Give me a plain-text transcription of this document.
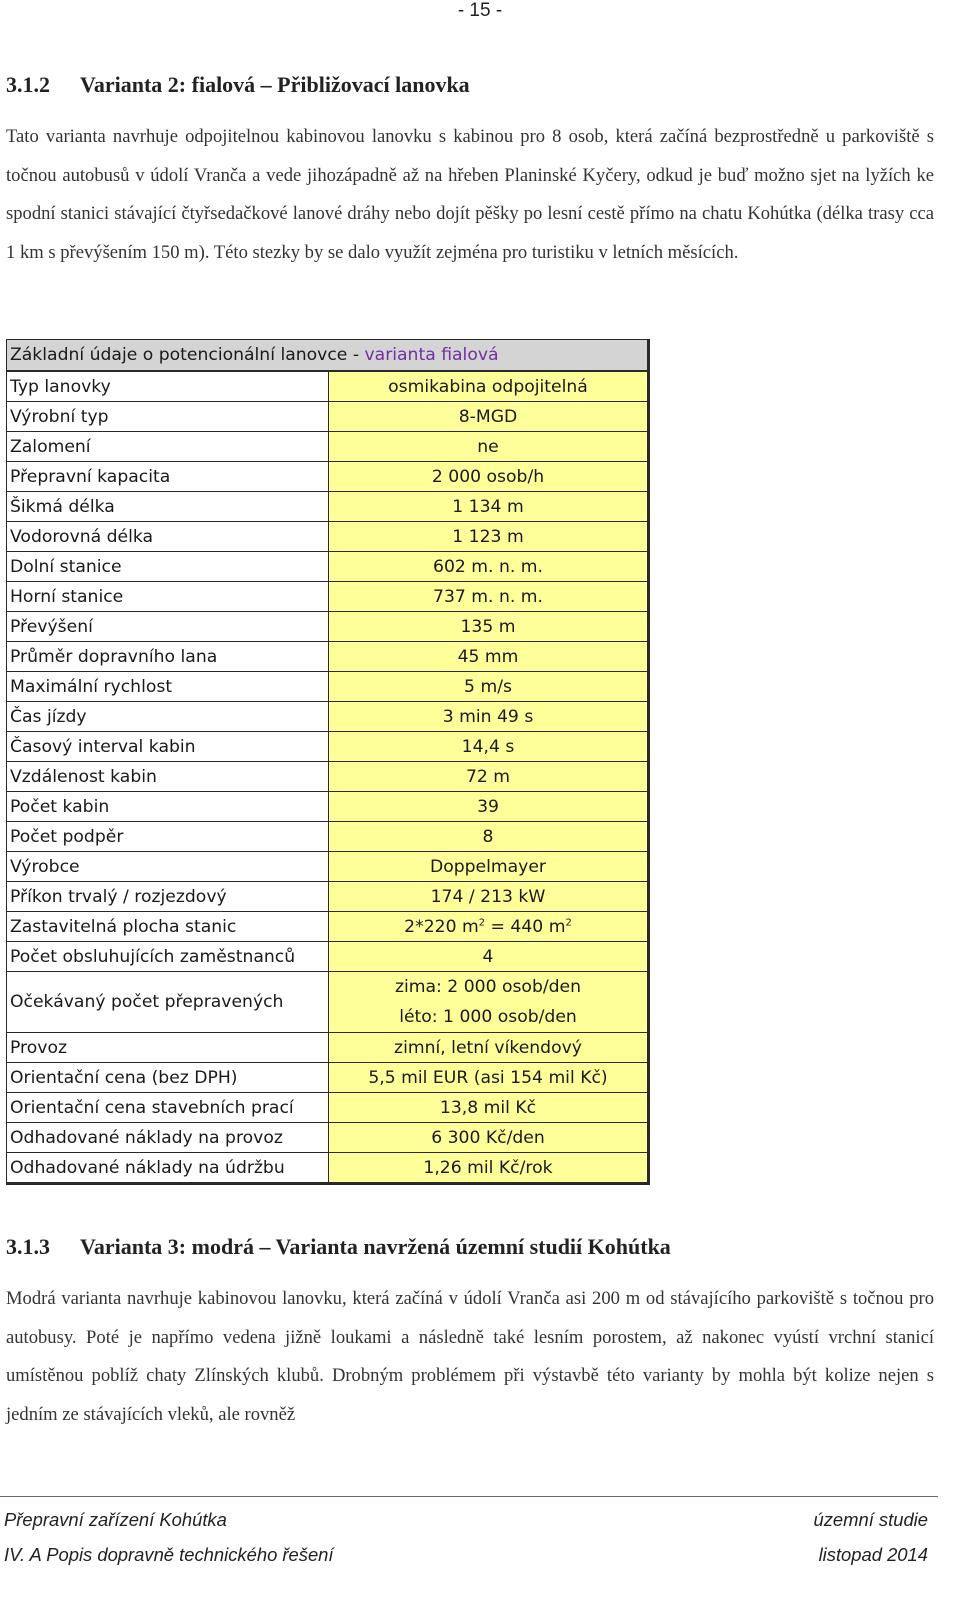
- 15 -
3.1.2 Varianta 2: fialová – Přibližovací lanovka
Tato varianta navrhuje odpojitelnou kabinovou lanovku s kabinou pro 8 osob, která začíná bezprostředně u parkoviště s točnou autobusů v údolí Vranča a vede jihozápadně až na hřeben Planinské Kyčery, odkud je buď možno sjet na lyžích ke spodní stanici stávající čtyřsedačkové lanové dráhy nebo dojít pěšky po lesní cestě přímo na chatu Kohútka (délka trasy cca 1 km s převýšením 150 m). Této stezky by se dalo využít zejména pro turistiku v letních měsících.
Základní údaje o potencionální lanovce - varianta fialová	
Typ lanovky	osmikabina odpojitelná
Výrobní typ	8-MGD
Zalomení	ne
Přepravní kapacita	2 000 osob/h
Šikmá délka	1 134 m
Vodorovná délka	1 123 m
Dolní stanice	602 m. n. m.
Horní stanice	737 m. n. m.
Převýšení	135 m
Průměr dopravního lana	45 mm
Maximální rychlost	5 m/s
Čas jízdy	3 min 49 s
Časový interval kabin	14,4 s
Vzdálenost kabin	72 m
Počet kabin	39
Počet podpěr	8
Výrobce	Doppelmayer
Příkon trvalý / rozjezdový	174 / 213 kW
Zastavitelná plocha stanic	2*220 $m^2 = 440$ $m^2$
Počet obsluhujících zaměstnanců	4
Očekávaný počet přepravených	zima: 2 000 osob/den
léto: 1 000 osob/den

Provoz	zimní, letní víkendový
Orientační cena (bez DPH)	5,5 mil EUR (asi 154 mil Kč)
Orientační cena stavebních prací	13,8 mil Kč
Odhadované náklady na provoz	6 300 Kč/den
Odhadované náklady na údržbu	1,26 mil Kč/rok
3.1.3 Varianta 3: modrá – Varianta navržená územní studií Kohútka
Modrá varianta navrhuje kabinovou lanovku, která začíná v údolí Vranča asi 200 m od stávajícího parkoviště s točnou pro autobusy. Poté je napřímo vedena jižně loukami a následně také lesním porostem, až nakonec vyústí vrchní stanicí umístěnou poblíž chaty Zlínských klubů. Drobným problémem při výstavbě této varianty by mohla být kolize nejen s jedním ze stávajících vleků, ale rovněž
Přepravní zařízení Kohútka	územní studie
IV. A Popis dopravně technického řešení	listopad 2014
